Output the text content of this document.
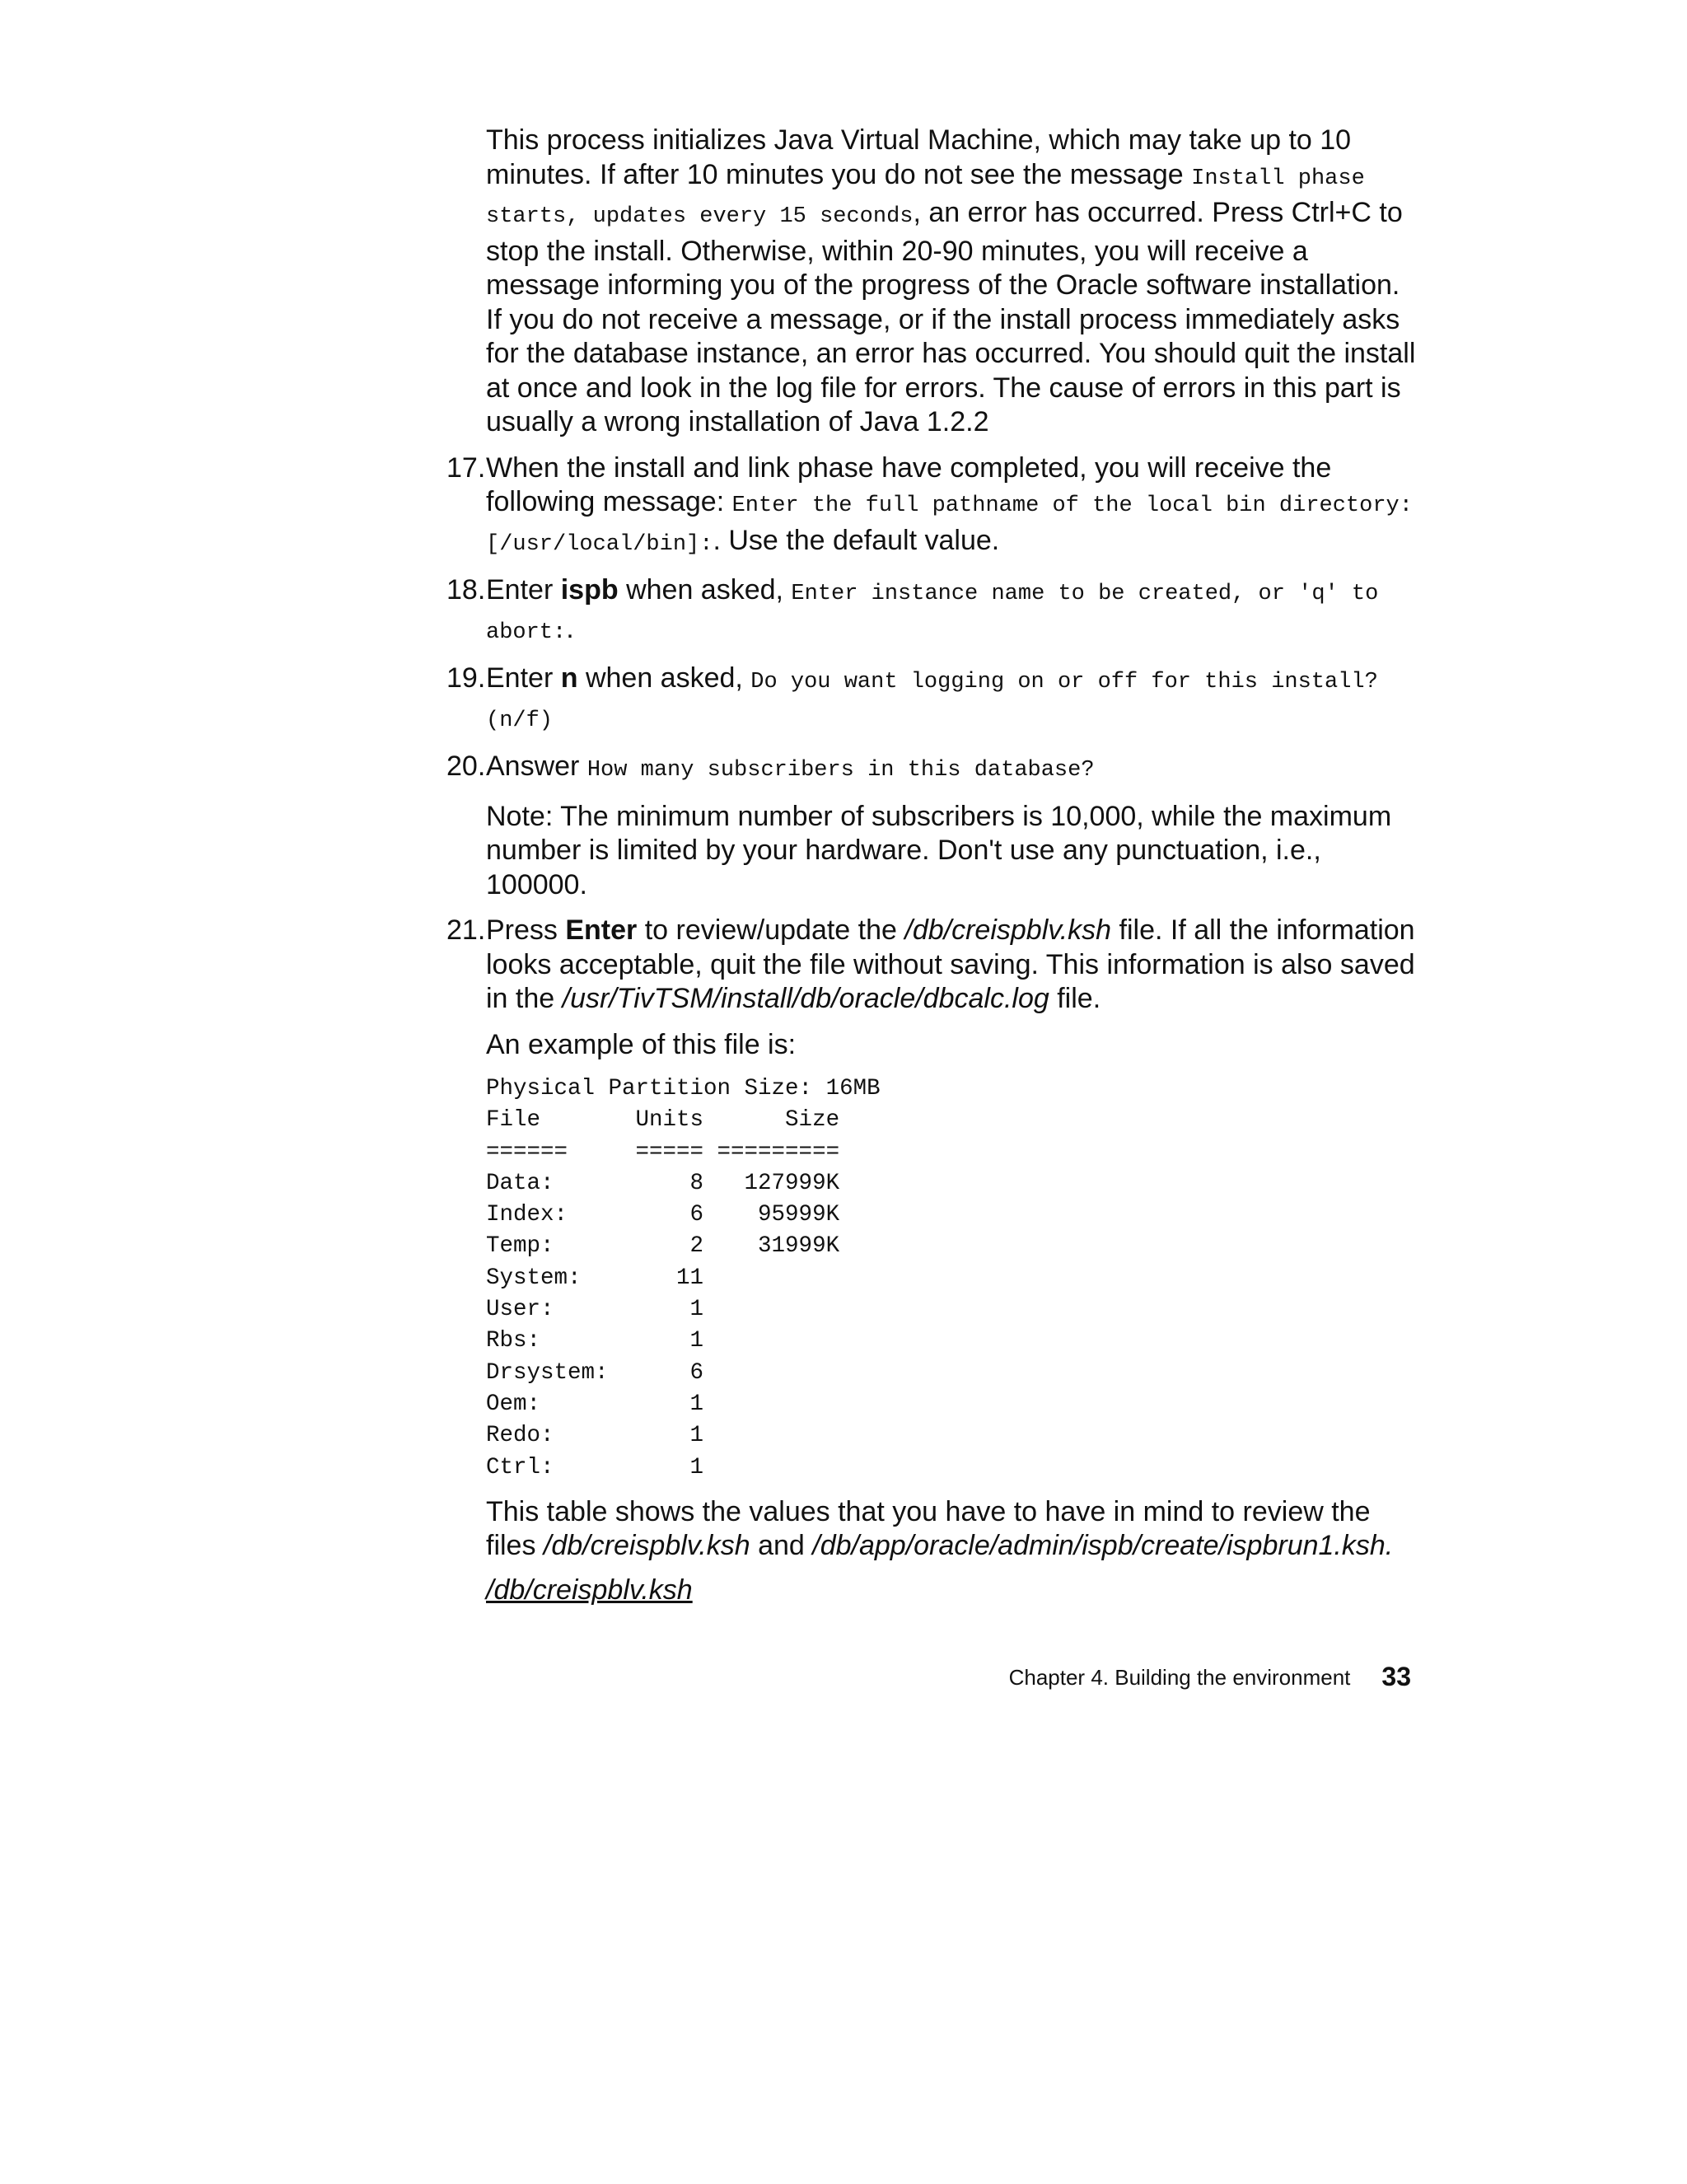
This process initializes Java Virtual Machine, which may take up to 10 minutes. If after 10 minutes you do not see the message Install phase starts, updates every 15 seconds, an error has occurred. Press Ctrl+C to stop the install. Otherwise, within 20-90 minutes, you will receive a message informing you of the progress of the Oracle software installation. If you do not receive a message, or if the install process immediately asks for the database instance, an error has occurred. You should quit the install at once and look in the log file for errors. The cause of errors in this part is usually a wrong installation of Java 1.2.2

17. When the install and link phase have completed, you will receive the following message: Enter the full pathname of the local bin directory: [/usr/local/bin]:. Use the default value.
18. Enter ispb when asked, Enter instance name to be created, or 'q' to abort:.
19. Enter n when asked, Do you want logging on or off for this install? (n/f)
20. Answer How many subscribers in this database?

Note: The minimum number of subscribers is 10,000, while the maximum number is limited by your hardware. Don't use any punctuation, i.e., 100000.

21. Press Enter to review/update the /db/creispblv.ksh file. If all the information looks acceptable, quit the file without saving. This information is also saved in the /usr/TivTSM/install/db/oracle/dbcalc.log file.

An example of this file is:

Physical Partition Size: 16MB
File       Units      Size
======     ===== =========
Data:          8   127999K
Index:         6    95999K
Temp:          2    31999K
System:       11
User:          1
Rbs:           1
Drsystem:      6
Oem:           1
Redo:          1
Ctrl:          1

This table shows the values that you have to have in mind to review the files /db/creispblv.ksh and /db/app/oracle/admin/ispb/create/ispbrun1.ksh.

/db/creispblv.ksh

Chapter 4. Building the environment 33
